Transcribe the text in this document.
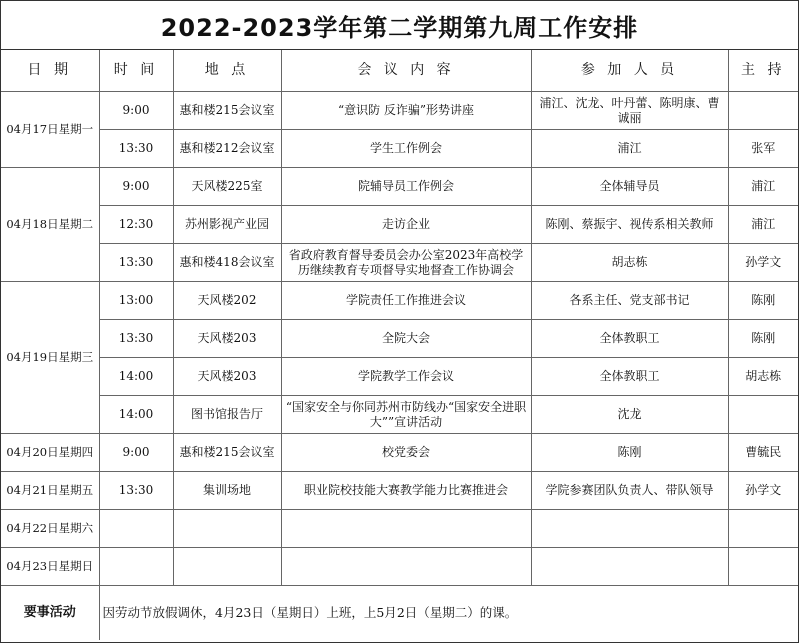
2022-2023学年第二学期第九周工作安排
日 期	时 间	地 点	会 议 内 容	参 加 人 员	主 持
04月17日星期一	9:00	惠和楼215会议室	“意识防 反诈骗”形势讲座	浦江、沈龙、叶丹蕾、陈明康、曹诚丽	
	13:30	惠和楼212会议室	学生工作例会	浦江	张军
04月18日星期二	9:00	天风楼225室	院辅导员工作例会	全体辅导员	浦江
	12:30	苏州影视产业园	走访企业	陈刚、蔡振宇、视传系相关教师	浦江
	13:30	惠和楼418会议室	省政府教育督导委员会办公室2023年高校学历继续教育专项督导实地督查工作协调会	胡志栋	孙学文
04月19日星期三	13:00	天风楼202	学院责任工作推进会议	各系主任、党支部书记	陈刚
	13:30	天风楼203	全院大会	全体教职工	陈刚
	14:00	天风楼203	学院教学工作会议	全体教职工	胡志栋
	14:00	图书馆报告厅	“国家安全与你同苏州市防线办“国家安全进职大””宣讲活动	沈龙	
04月20日星期四	9:00	惠和楼215会议室	校党委会	陈刚	曹毓民
04月21日星期五	13:30	集训场地	职业院校技能大赛教学能力比赛推进会	学院参赛团队负责人、带队领导	孙学文
04月22日星期六					
04月23日星期日					
要事活动	因劳动节放假调休，4月23日（星期日）上班，上5月2日（星期二）的课。				
